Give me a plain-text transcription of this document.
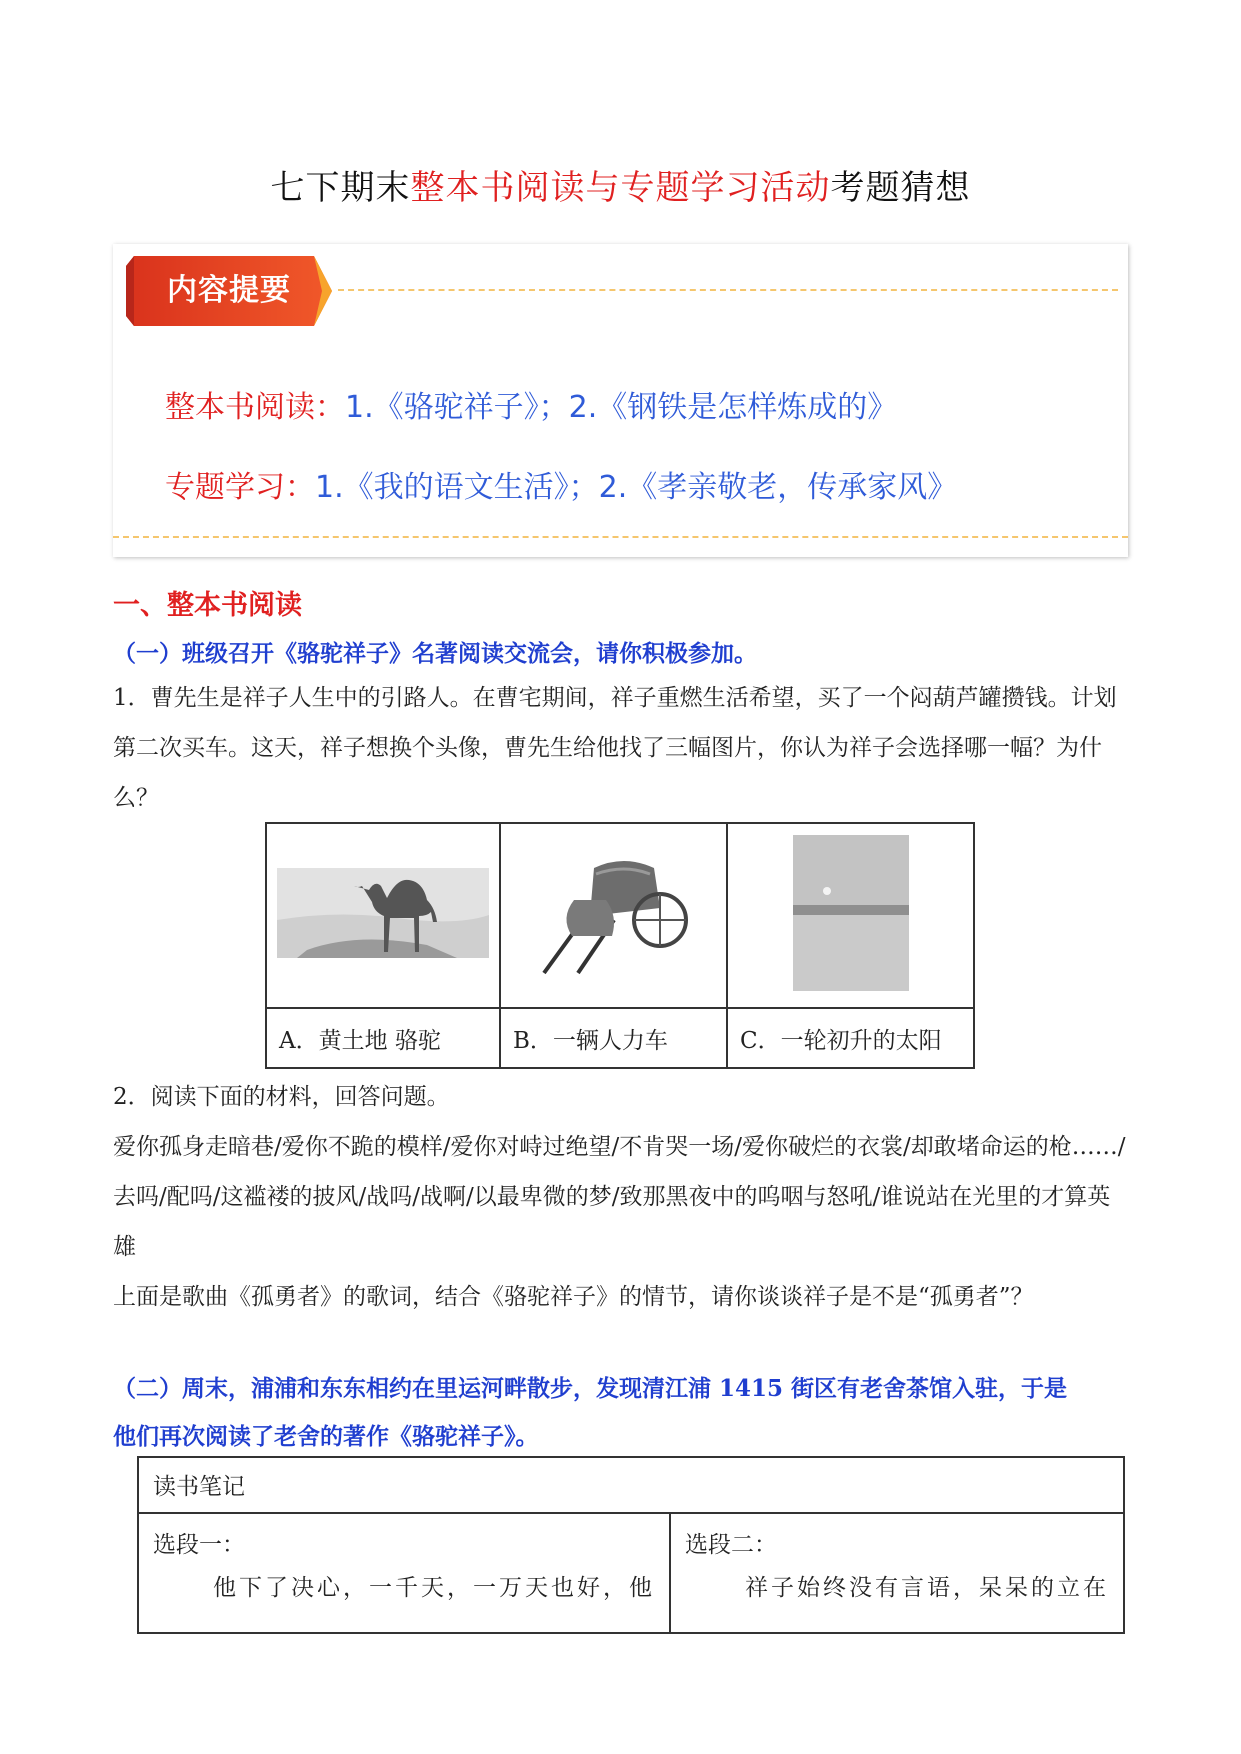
七下期末整本书阅读与专题学习活动考题猜想
内容提要
整本书阅读：1.《骆驼祥子》；2.《钢铁是怎样炼成的》
专题学习：1.《我的语文生活》；2.《孝亲敬老，传承家风》
一、整本书阅读
（一）班级召开《骆驼祥子》名著阅读交流会，请你积极参加。
1．曹先生是祥子人生中的引路人。在曹宅期间，祥子重燃生活希望，买了一个闷葫芦罐攒钱。计划第二次买车。这天，祥子想换个头像，曹先生给他找了三幅图片，你认为祥子会选择哪一幅？为什么？

A．黄土地 骆驼	B．一辆人力车	C．一轮初升的太阳
2．阅读下面的材料，回答问题。
爱你孤身走暗巷/爱你不跪的模样/爱你对峙过绝望/不肯哭一场/爱你破烂的衣裳/却敢堵命运的枪……/去吗/配吗/这褴褛的披风/战吗/战啊/以最卑微的梦/致那黑夜中的呜咽与怒吼/谁说站在光里的才算英雄
上面是歌曲《孤勇者》的歌词，结合《骆驼祥子》的情节，请你谈谈祥子是不是“孤勇者”？
（二）周末，浦浦和东东相约在里运河畔散步，发现清江浦 1415 街区有老舍茶馆入驻，于是
他们再次阅读了老舍的著作《骆驼祥子》。
读书笔记

选段一：
他下了决心，一千天，一万天也好，他

选段二：
祥子始终没有言语，呆呆的立在
